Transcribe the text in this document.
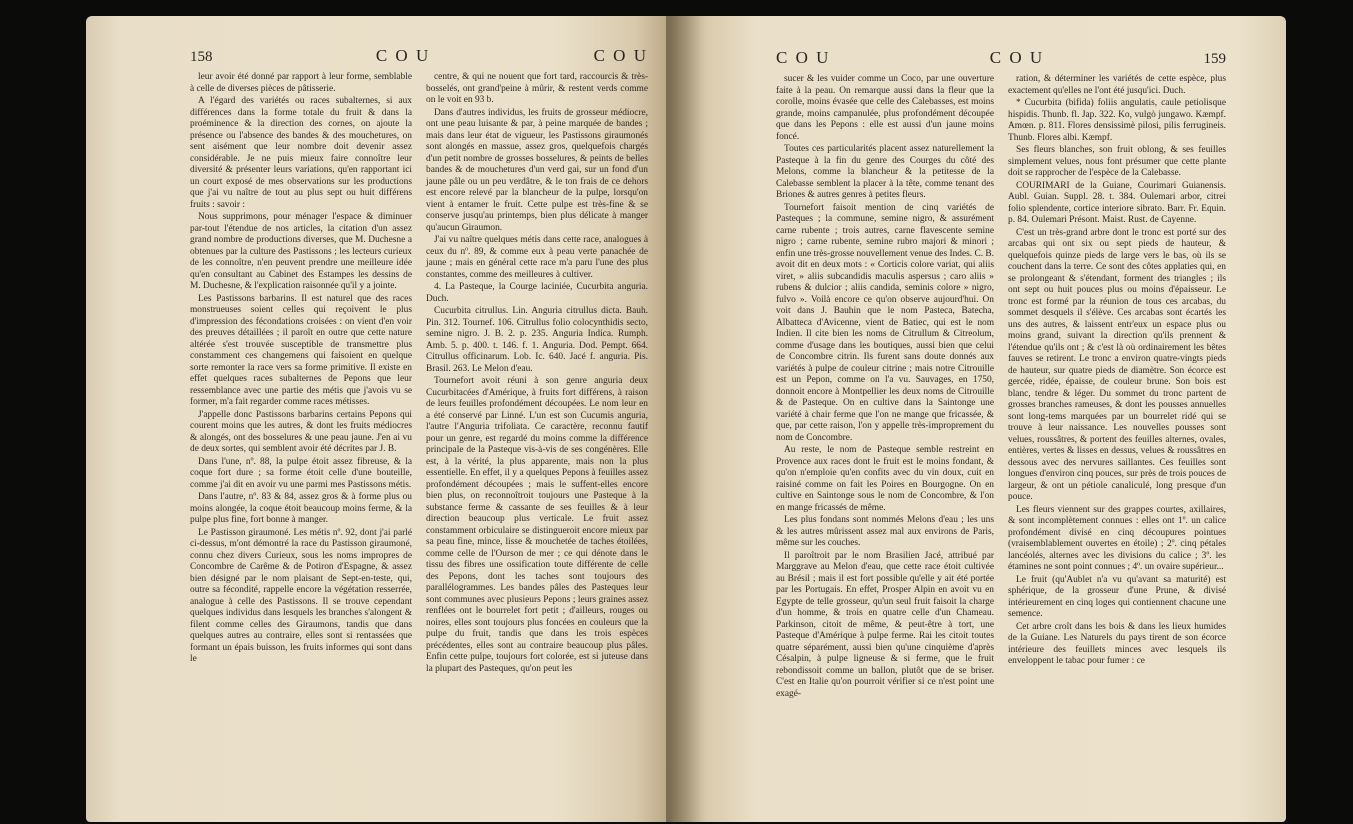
158	C O U	C O U

leur avoir été donné par rapport à leur forme, semblable à celle de diverses pièces de pâtisserie.

A l'égard des variétés ou races subalternes, si aux différences dans la forme totale du fruit & dans la proéminence & la direction des cornes, on ajoute la présence ou l'absence des bandes & des mouchetures, on sent aisément que leur nombre doit devenir assez considérable. Je ne puis mieux faire connoître leur diversité & présenter leurs variations, qu'en rapportant ici un court exposé de mes observations sur les productions que j'ai vu naître de tout au plus sept ou huit différens fruits : savoir :

Nous supprimons, pour ménager l'espace & diminuer par-tout l'étendue de nos articles, la citation d'un assez grand nombre de productions diverses, que M. Duchesne a obtenues par la culture des Pastissons ; les lecteurs curieux de les connoître, n'en peuvent prendre une meilleure idée qu'en consultant au Cabinet des Estampes les dessins de M. Duchesne, & l'explication raisonnée qu'il y a jointe.

Les Pastissons barbarins. Il est naturel que des races monstrueuses soient celles qui reçoivent le plus d'impression des fécondations croisées : on vient d'en voir des preuves détaillées ; il paroît en outre que cette nature altérée s'est trouvée susceptible de transmettre plus constamment ces changemens qui faisoient en quelque sorte remonter la race vers sa forme primitive. Il existe en effet quelques races subalternes de Pepons que leur ressemblance avec une partie des métis que j'avois vu se former, m'a fait regarder comme races métisses.

J'appelle donc Pastissons barbarins certains Pepons qui courent moins que les autres, & dont les fruits médiocres & alongés, ont des bosselures & une peau jaune. J'en ai vu de deux sortes, qui semblent avoir été décrites par J. B.

Dans l'une, nº. 88, la pulpe étoit assez fibreuse, & la coque fort dure ; sa forme étoit celle d'une bouteille, comme j'ai dit en avoir vu une parmi mes Pastissons métis.

Dans l'autre, nº. 83 & 84, assez gros & à forme plus ou moins alongée, la coque étoit beaucoup moins ferme, & la pulpe plus fine, fort bonne à manger.

Le Pastisson giraumoné. Les métis nº. 92, dont j'ai parlé ci-dessus, m'ont démontré la race du Pastisson giraumoné, connu chez divers Curieux, sous les noms impropres de Concombre de Carême & de Potiron d'Espagne, & assez bien désigné par le nom plaisant de Sept-en-teste, qui, outre sa fécondité, rappelle encore la végétation resserrée, analogue à celle des Pastissons. Il se trouve cependant quelques individus dans lesquels les branches s'alongent & filent comme celles des Giraumons, tandis que dans quelques autres au contraire, elles sont si rentassées que formant un épais buisson, les fruits informes qui sont dans le

centre, & qui ne nouent que fort tard, raccourcis & très-bosselés, ont grand'peine à mûrir, & restent verds comme on le voit en 93 b.

Dans d'autres individus, les fruits de grosseur médiocre, ont une peau luisante & par, à peine marquée de bandes ; mais dans leur état de vigueur, les Pastissons giraumonés sont alongés en massue, assez gros, quelquefois chargés d'un petit nombre de grosses bosselures, & peints de belles bandes & de mouchetures d'un verd gai, sur un fond d'un jaune pâle ou un peu verdâtre, & le ton frais de ce dehors est encore relevé par la blancheur de la pulpe, lorsqu'on vient à entamer le fruit. Cette pulpe est très-fine & se conserve jusqu'au printemps, bien plus délicate à manger qu'aucun Giraumon.

J'ai vu naître quelques métis dans cette race, analogues à ceux du nº. 89, & comme eux à peau verte panachée de jaune ; mais en général cette race m'a paru l'une des plus constantes, comme des meilleures à cultiver.

4. La Pasteque, la Courge laciniée, Cucurbita anguria. Duch.

Cucurbita citrullus. Lin. Anguria citrullus dicta. Bauh. Pin. 312. Tournef. 106. Citrullus folio colocynthidis secto, semine nigro. J. B. 2. p. 235. Anguria Indica. Rumph. Amb. 5. p. 400. t. 146. f. 1. Anguria. Dod. Pempt. 664. Citrullus officinarum. Lob. Ic. 640. Jacé f. anguria. Pis. Brasil. 263. Le Melon d'eau.

Tournefort avoit réuni à son genre anguria deux Cucurbitacées d'Amérique, à fruits fort différens, à raison de leurs feuilles profondément découpées. Le nom leur en a été conservé par Linné. L'un est son Cucumis anguria, l'autre l'Anguria trifoliata. Ce caractère, reconnu fautif pour un genre, est regardé du moins comme la différence principale de la Pasteque vis-à-vis de ses congénères. Elle est, à la vérité, la plus apparente, mais non la plus essentielle. En effet, il y a quelques Pepons à feuilles assez profondément découpées ; mais le suffent-elles encore bien plus, on reconnoîtroit toujours une Pasteque à la substance ferme & cassante de ses feuilles & à leur direction beaucoup plus verticale. Le fruit assez constamment orbiculaire se distingueroit encore mieux par sa peau fine, mince, lisse & mouchetée de taches étoilées, comme celle de l'Ourson de mer ; ce qui dénote dans le tissu des fibres une ossification toute différente de celle des Pepons, dont les taches sont toujours des parallélogrammes. Les bandes pâles des Pasteques leur sont communes avec plusieurs Pepons ; leurs graines assez renflées ont le bourrelet fort petit ; d'ailleurs, rouges ou noires, elles sont toujours plus foncées en couleurs que la pulpe du fruit, tandis que dans les trois espèces précédentes, elles sont au contraire beaucoup plus pâles. Enfin cette pulpe, toujours fort colorée, est si juteuse dans la plupart des Pasteques, qu'on peut les

C O U	C O U	159

sucer & les vuider comme un Coco, par une ouverture faite à la peau. On remarque aussi dans la fleur que la corolle, moins évasée que celle des Calebasses, est moins grande, moins campanulée, plus profondément découpée que dans les Pepons : elle est aussi d'un jaune moins foncé.

Toutes ces particularités placent assez naturellement la Pasteque à la fin du genre des Courges du côté des Melons, comme la blancheur & la petitesse de la Calebasse semblent la placer à la tête, comme tenant des Briones & autres genres à petites fleurs.

Tournefort faisoit mention de cinq variétés de Pasteques ; la commune, semine nigro, & assurément carne rubente ; trois autres, carne flavescente semine nigro ; carne rubente, semine rubro majori & minori ; enfin une très-grosse nouvellement venue des Indes. C. B. avoit dit en deux mots : « Corticis colore variat, qui aliis viret, » aliis subcandidis maculis aspersus ; caro aliis » rubens & dulcior ; aliis candida, seminis colore » nigro, fulvo ». Voilà encore ce qu'on observe aujourd'hui. On voit dans J. Bauhin que le nom Pasteca, Batecha, Albatteca d'Avicenne, vient de Batiec, qui est le nom Indien. Il cite bien les noms de Citrullum & Citreolum, comme d'usage dans les boutiques, aussi bien que celui de Concombre citrin. Ils furent sans doute donnés aux variétés à pulpe de couleur citrine ; mais notre Citrouille est un Pepon, comme on l'a vu. Sauvages, en 1750, donnoit encore à Montpellier les deux noms de Citrouille & de Pasteque. On en cultive dans la Saintonge une variété à chair ferme que l'on ne mange que fricassée, & que, par cette raison, l'on y appelle très-improprement du nom de Concombre.

Au reste, le nom de Pasteque semble restreint en Provence aux races dont le fruit est le moins fondant, & qu'on n'emploie qu'en confits avec du vin doux, cuit en raisiné comme on fait les Poires en Bourgogne. On en cultive en Saintonge sous le nom de Concombre, & l'on en mange fricassés de même.

Les plus fondans sont nommés Melons d'eau ; les uns & les autres mûrissent assez mal aux environs de Paris, même sur les couches.

Il paroîtroit par le nom Brasilien Jacé, attribué par Marggrave au Melon d'eau, que cette race étoit cultivée au Brésil ; mais il est fort possible qu'elle y ait été portée par les Portugais. En effet, Prosper Alpin en avoit vu en Egypte de telle grosseur, qu'un seul fruit faisoit la charge d'un homme, & trois en quatre celle d'un Chameau. Parkinson, citoit de même, & peut-être à tort, une Pasteque d'Amérique à pulpe ferme. Rai les citoit toutes quatre séparément, aussi bien qu'une cinquième d'après Césalpin, à pulpe ligneuse & si ferme, que le fruit rebondissoit comme un ballon, plutôt que de se briser. C'est en Italie qu'on pourroit vérifier si ce n'est point une exagé-

ration, & déterminer les variétés de cette espèce, plus exactement qu'elles ne l'ont été jusqu'ici. Duch.

* Cucurbita (bifida) foliis angulatis, caule petiolisque hispidis. Thunb. fl. Jap. 322. Ko, vulgò jungawo. Kæmpf. Amœn. p. 811. Flores densissimè pilosi, pilis ferrugineis. Thunb. Flores albi. Kæmpf.

Ses fleurs blanches, son fruit oblong, & ses feuilles simplement velues, nous font présumer que cette plante doit se rapprocher de l'espèce de la Calebasse.

COURIMARI de la Guiane, Courimari Guianensis. Aubl. Guian. Suppl. 28. t. 384. Oulemari arbor, citrei folio splendente, cortice interiore sibrato. Barr. Fr. Equin. p. 84. Oulemari Présont. Maist. Rust. de Cayenne.

C'est un très-grand arbre dont le tronc est porté sur des arcabas qui ont six ou sept pieds de hauteur, & quelquefois quinze pieds de large vers le bas, où ils se couchent dans la terre. Ce sont des côtes applaties qui, en se prolongeant & s'étendant, forment des triangles ; ils ont sept ou huit pouces plus ou moins d'épaisseur. Le tronc est formé par la réunion de tous ces arcabas, du sommet desquels il s'élève. Ces arcabas sont écartés les uns des autres, & laissent entr'eux un espace plus ou moins grand, suivant la direction qu'ils prennent & l'étendue qu'ils ont ; & c'est là où ordinairement les bêtes fauves se retirent. Le tronc a environ quatre-vingts pieds de hauteur, sur quatre pieds de diamètre. Son écorce est gercée, ridée, épaisse, de couleur brune. Son bois est blanc, tendre & léger. Du sommet du tronc partent de grosses branches rameuses, & dont les pousses annuelles sont long-tems marquées par un bourrelet ridé qui se trouve à leur naissance. Les nouvelles pousses sont velues, roussâtres, & portent des feuilles alternes, ovales, entières, vertes & lisses en dessus, velues & roussâtres en dessous avec des nervures saillantes. Ces feuilles sont longues d'environ cinq pouces, sur près de trois pouces de largeur, & ont un pétiole canaliculé, long presque d'un pouce.

Les fleurs viennent sur des grappes courtes, axillaires, & sont incomplètement connues : elles ont 1º. un calice profondément divisé en cinq découpures pointues (vraisemblablement ouvertes en étoile) ; 2º. cinq pétales lancéolés, alternes avec les divisions du calice ; 3º. les étamines ne sont point connues ; 4º. un ovaire supérieur...

Le fruit (qu'Aublet n'a vu qu'avant sa maturité) est sphérique, de la grosseur d'une Prune, & divisé intérieurement en cinq loges qui contiennent chacune une semence.

Cet arbre croît dans les bois & dans les lieux humides de la Guiane. Les Naturels du pays tirent de son écorce intérieure des feuillets minces avec lesquels ils enveloppent le tabac pour fumer : ce
